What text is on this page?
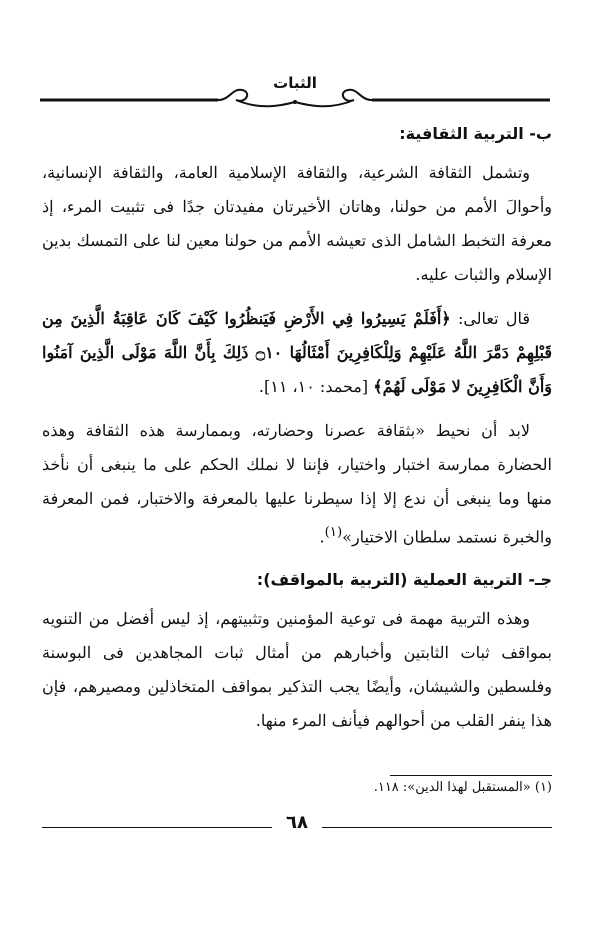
الثبات
ب- التربية الثقافية:

وتشمل الثقافة الشرعية، والثقافة الإسلامية العامة، والثقافة الإنسانية، وأحوالَ الأمم من حولنا، وهاتان الأخيرتان مفيدتان جدًا فى تثبيت المرء، إذ معرفة التخبط الشامل الذى تعيشه الأمم من حولنا معين لنا على التمسك بدين الإسلام والثبات عليه.

قال تعالى: ﴿أَفَلَمْ يَسِيرُوا فِي الأَرْضِ فَيَنظُرُوا كَيْفَ كَانَ عَاقِبَةُ الَّذِينَ مِن قَبْلِهِمْ دَمَّرَ اللَّهُ عَلَيْهِمْ وَلِلْكَافِرِينَ أَمْثَالُهَا ۝١٠ ذَلِكَ بِأَنَّ اللَّهَ مَوْلَى الَّذِينَ آمَنُوا وَأَنَّ الْكَافِرِينَ لا مَوْلَى لَهُمْ﴾ [محمد: ١٠، ١١].

لابد أن نحيط «بثقافة عصرنا وحضارته، وبممارسة هذه الثقافة وهذه الحضارة ممارسة اختبار واختيار، فإننا لا نملك الحكم على ما ينبغى أن نأخذ منها وما ينبغى أن ندع إلا إذا سيطرنا عليها بالمعرفة والاختبار، فمن المعرفة والخبرة نستمد سلطان الاختيار»$^{(١)}$.

جـ- التربية العملية (التربية بالمواقف):

وهذه التربية مهمة فى توعية المؤمنين وتثبيتهم، إذ ليس أفضل من التنويه بمواقف ثبات الثابتين وأخبارهم من أمثال ثبات المجاهدين فى البوسنة وفلسطين والشيشان، وأيضًا يجب التذكير بمواقف المتخاذلين ومصيرهم، فإن هذا ينفر القلب من أحوالهم فيأنف المرء منها.

(١) «المستقبل لهذا الدين»: ١١٨.
٦٨
